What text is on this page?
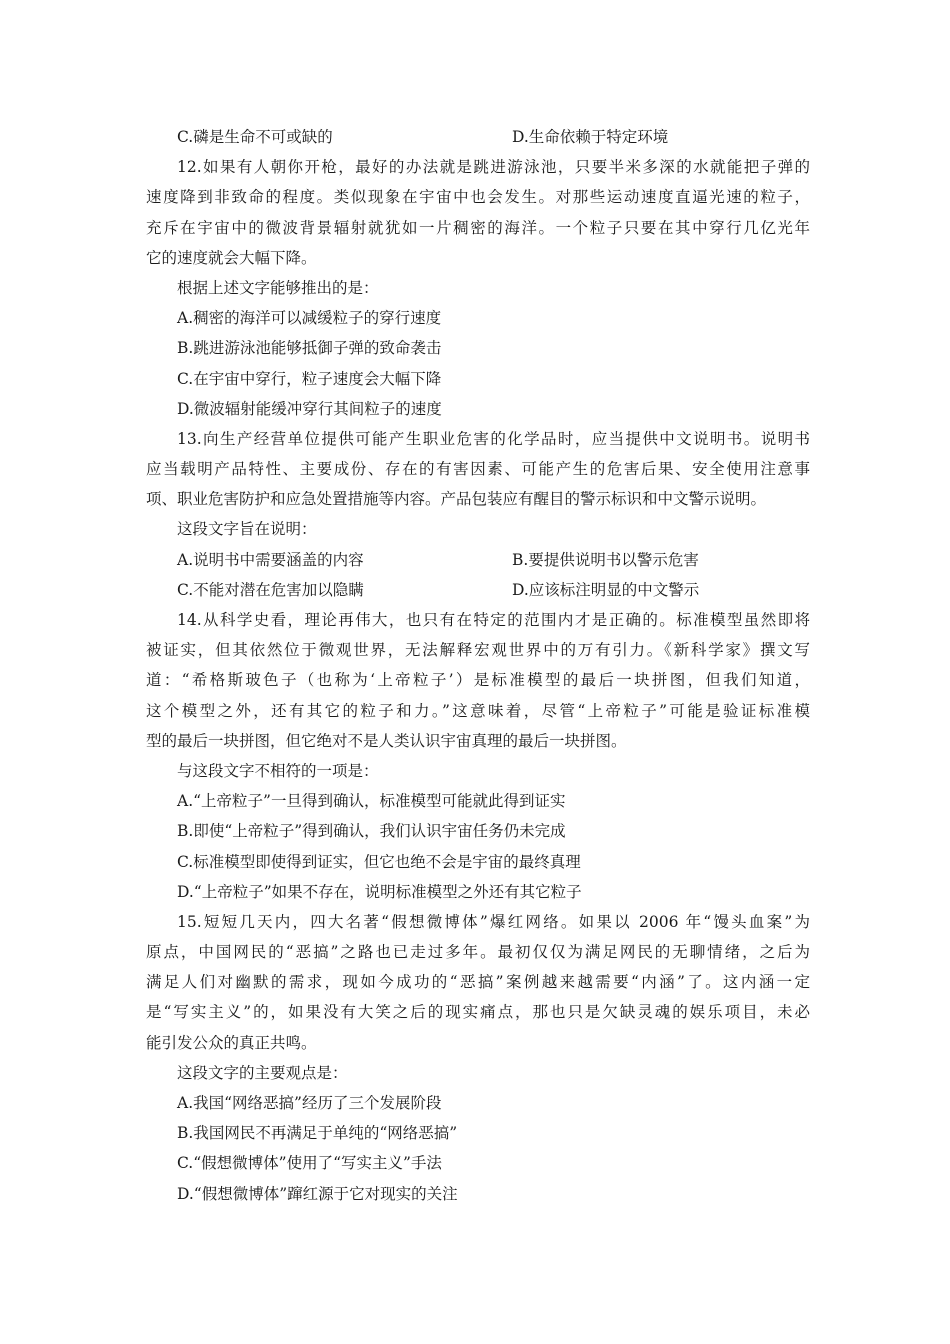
C.磷是生命不可或缺的	D.生命依赖于特定环境
12.如果有人朝你开枪，最好的办法就是跳进游泳池，只要半米多深的水就能把子弹的
速度降到非致命的程度。类似现象在宇宙中也会发生。对那些运动速度直逼光速的粒子，
充斥在宇宙中的微波背景辐射就犹如一片稠密的海洋。一个粒子只要在其中穿行几亿光年
它的速度就会大幅下降。
根据上述文字能够推出的是：
A.稠密的海洋可以减缓粒子的穿行速度
B.跳进游泳池能够抵御子弹的致命袭击
C.在宇宙中穿行，粒子速度会大幅下降
D.微波辐射能缓冲穿行其间粒子的速度
13.向生产经营单位提供可能产生职业危害的化学品时，应当提供中文说明书。说明书
应当载明产品特性、主要成份、存在的有害因素、可能产生的危害后果、安全使用注意事
项、职业危害防护和应急处置措施等内容。产品包装应有醒目的警示标识和中文警示说明。
这段文字旨在说明：
A.说明书中需要涵盖的内容	B.要提供说明书以警示危害
C.不能对潜在危害加以隐瞒	D.应该标注明显的中文警示
14.从科学史看，理论再伟大，也只有在特定的范围内才是正确的。标准模型虽然即将
被证实，但其依然位于微观世界，无法解释宏观世界中的万有引力。《新科学家》撰文写
道：“希格斯玻色子（也称为‘上帝粒子’）是标准模型的最后一块拼图，但我们知道，
这个模型之外，还有其它的粒子和力。”这意味着，尽管“上帝粒子”可能是验证标准模
型的最后一块拼图，但它绝对不是人类认识宇宙真理的最后一块拼图。
与这段文字不相符的一项是：
A.“上帝粒子”一旦得到确认，标准模型可能就此得到证实
B.即使“上帝粒子”得到确认，我们认识宇宙任务仍未完成
C.标准模型即使得到证实，但它也绝不会是宇宙的最终真理
D.“上帝粒子”如果不存在，说明标准模型之外还有其它粒子
15.短短几天内，四大名著“假想微博体”爆红网络。如果以 2006 年“馒头血案”为
原点，中国网民的“恶搞”之路也已走过多年。最初仅仅为满足网民的无聊情绪，之后为
满足人们对幽默的需求，现如今成功的“恶搞”案例越来越需要“内涵”了。这内涵一定
是“写实主义”的，如果没有大笑之后的现实痛点，那也只是欠缺灵魂的娱乐项目，未必
能引发公众的真正共鸣。
这段文字的主要观点是：
A.我国“网络恶搞”经历了三个发展阶段
B.我国网民不再满足于单纯的“网络恶搞”
C.“假想微博体”使用了“写实主义”手法
D.“假想微博体”蹿红源于它对现实的关注
